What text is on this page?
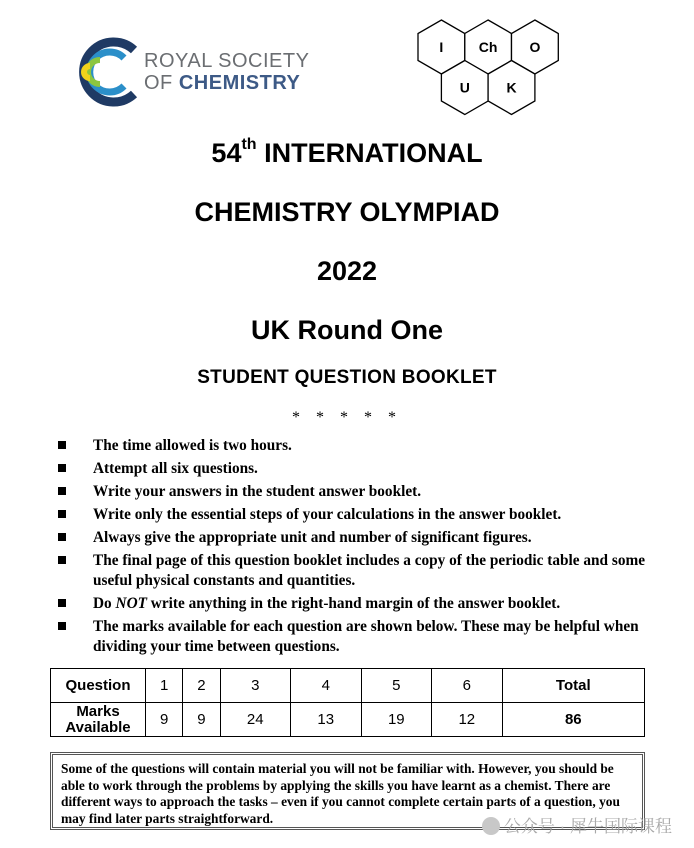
ROYAL SOCIETY
OF CHEMISTRY
I	Ch O
U	K
54th INTERNATIONAL
CHEMISTRY OLYMPIAD
2022
UK Round One
STUDENT QUESTION BOOKLET
* * * * *
The time allowed is two hours.
Attempt all six questions.
Write your answers in the student answer booklet.
Write only the essential steps of your calculations in the answer booklet.
Always give the appropriate unit and number of significant figures.
The final page of this question booklet includes a copy of the periodic table and some useful physical constants and quantities.
Do NOT write anything in the right-hand margin of the answer booklet.
The marks available for each question are shown below. These may be helpful when dividing your time between questions.
Question	1	2	3	4	5	6	Total
Marks
Available	9	9	24	13	19	12	86
Some of the questions will contain material you will not be familiar with. However, you should be able to work through the problems by applying the skills you have learnt as a chemist. There are different ways to approach the tasks – even if you cannot complete certain parts of a question, you may find later parts straightforward.	公众号 · 犀牛国际课程
